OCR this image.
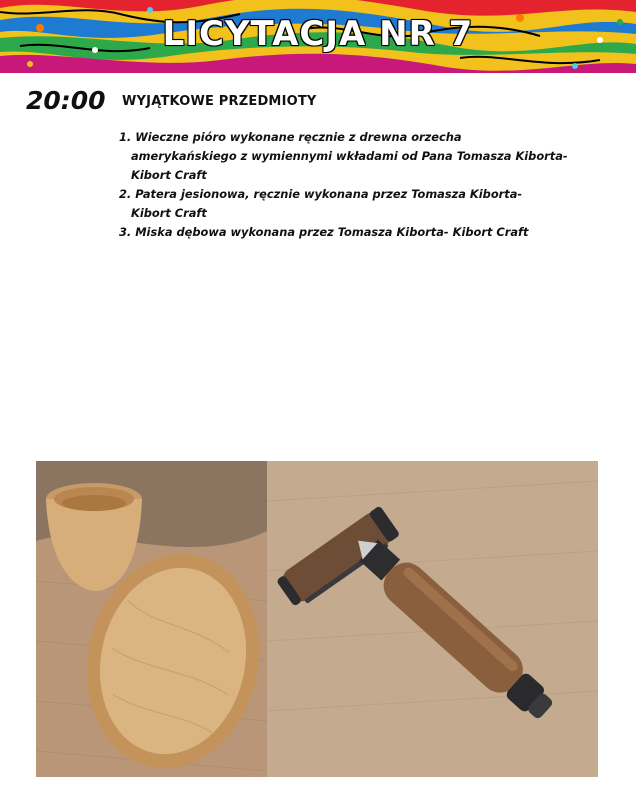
LICYTACJA NR 7
20:00 WYJĄTKOWE PRZEDMIOTY
1. Wieczne pióro wykonane ręcznie z drewna orzecha
amerykańskiego z wymiennymi wkładami od Pana Tomasza Kiborta-
Kibort Craft
2. Patera jesionowa, ręcznie wykonana przez Tomasza Kiborta-
Kibort Craft
3. Miska dębowa wykonana przez Tomasza Kiborta- Kibort Craft
